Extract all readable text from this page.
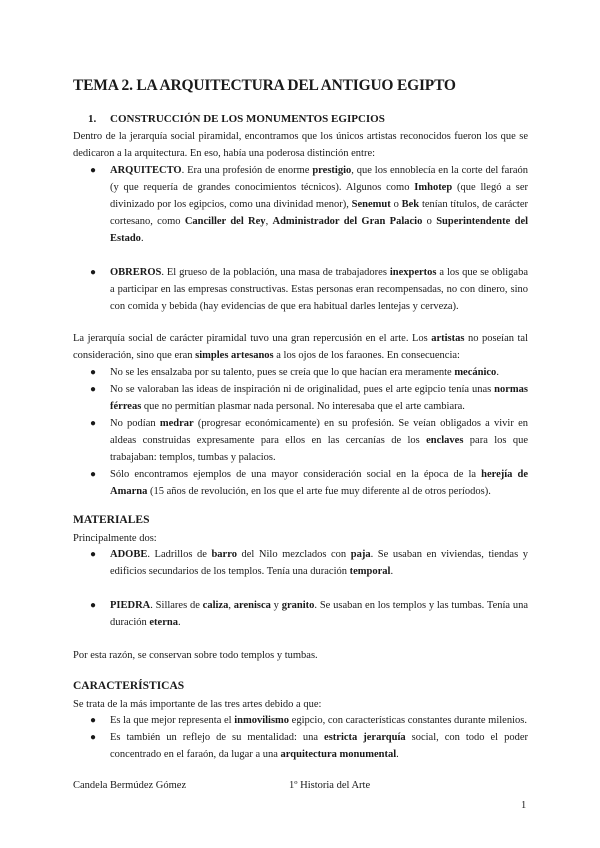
TEMA 2. LA ARQUITECTURA DEL ANTIGUO EGIPTO
1. CONSTRUCCIÓN DE LOS MONUMENTOS EGIPCIOS

Dentro de la jerarquía social piramidal, encontramos que los únicos artistas reconocidos fueron los que se dedicaron a la arquitectura. En eso, había una poderosa distinción entre:

● ARQUITECTO. Era una profesión de enorme prestigio, que los ennoblecía en la corte del faraón (y que requería de grandes conocimientos técnicos). Algunos como Imhotep (que llegó a ser divinizado por los egipcios, como una divinidad menor), Senemut o Bek tenían títulos, de carácter cortesano, como Canciller del Rey, Administrador del Gran Palacio o Superintendente del Estado.
● OBREROS. El grueso de la población, una masa de trabajadores inexpertos a los que se obligaba a participar en las empresas constructivas. Estas personas eran recompensadas, no con dinero, sino con comida y bebida (hay evidencias de que era habitual darles lentejas y cerveza).

La jerarquía social de carácter piramidal tuvo una gran repercusión en el arte. Los artistas no poseían tal consideración, sino que eran simples artesanos a los ojos de los faraones. En consecuencia:

● No se les ensalzaba por su talento, pues se creía que lo que hacían era meramente mecánico.
● No se valoraban las ideas de inspiración ni de originalidad, pues el arte egipcio tenía unas normas férreas que no permitían plasmar nada personal. No interesaba que el arte cambiara.
● No podían medrar (progresar económicamente) en su profesión. Se veían obligados a vivir en aldeas construidas expresamente para ellos en las cercanías de los enclaves para los que trabajaban: templos, tumbas y palacios.
● Sólo encontramos ejemplos de una mayor consideración social en la época de la herejía de Amarna (15 años de revolución, en los que el arte fue muy diferente al de otros períodos).
MATERIALES

Principalmente dos:

● ADOBE. Ladrillos de barro del Nilo mezclados con paja. Se usaban en viviendas, tiendas y edificios secundarios de los templos. Tenía una duración temporal.
● PIEDRA. Sillares de caliza, arenisca y granito. Se usaban en los templos y las tumbas. Tenía una duración eterna.

Por esta razón, se conservan sobre todo templos y tumbas.

CARACTERÍSTICAS

Se trata de la más importante de las tres artes debido a que:

● Es la que mejor representa el inmovilismo egipcio, con características constantes durante milenios.
● Es también un reflejo de su mentalidad: una estricta jerarquía social, con todo el poder concentrado en el faraón, da lugar a una arquitectura monumental.
Candela Bermúdez Gómez	1º Historia del Arte
1
